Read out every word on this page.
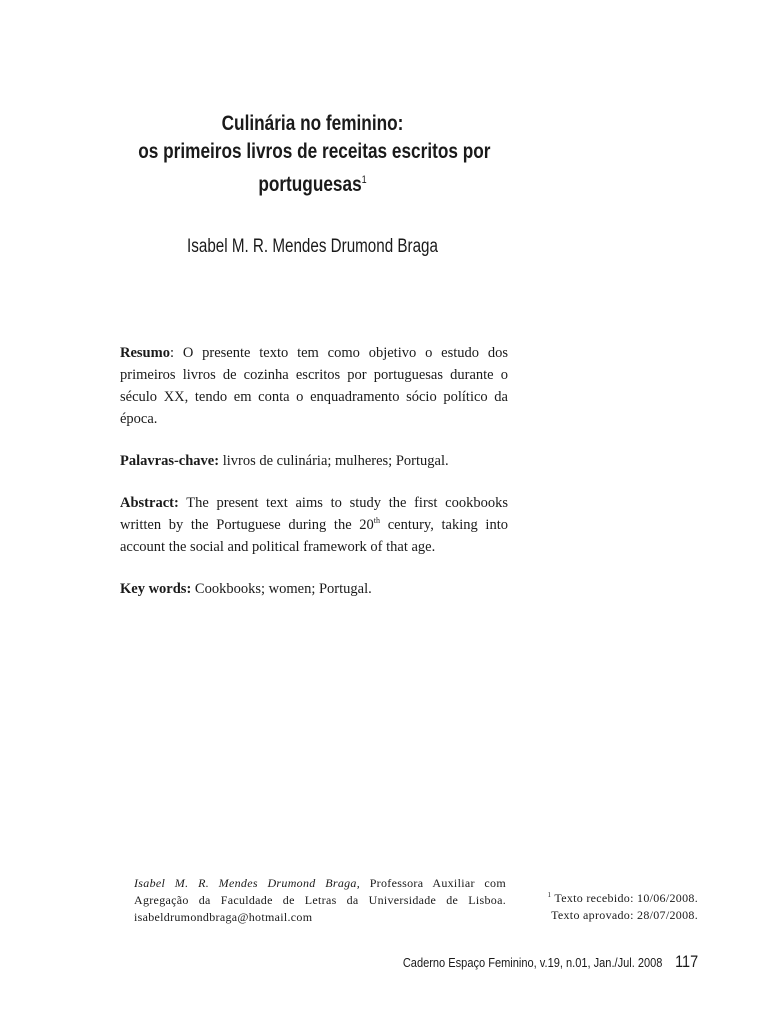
Culinária no feminino:
os primeiros livros de receitas escritos por
portuguesas$^1$
Isabel M. R. Mendes Drumond Braga

Resumo: O presente texto tem como objetivo o estudo dos primeiros livros de cozinha escritos por portuguesas durante o século XX, tendo em conta o enquadramento sócio político da época.

Palavras-chave: livros de culinária; mulheres; Portugal.

Abstract: The present text aims to study the first cookbooks written by the Portuguese during the 20th century, taking into account the social and political framework of that age.

Key words: Cookbooks; women; Portugal.

Isabel M. R. Mendes Drumond Braga, Professora Auxiliar com Agregação da Faculdade de Letras da Universidade de Lisboa. isabeldrumondbraga@hotmail.com
$^1$ Texto recebido: 10/06/2008.
Texto aprovado: 28/07/2008.
Caderno Espaço Feminino, v.19, n.01, Jan./Jul. 2008 117
